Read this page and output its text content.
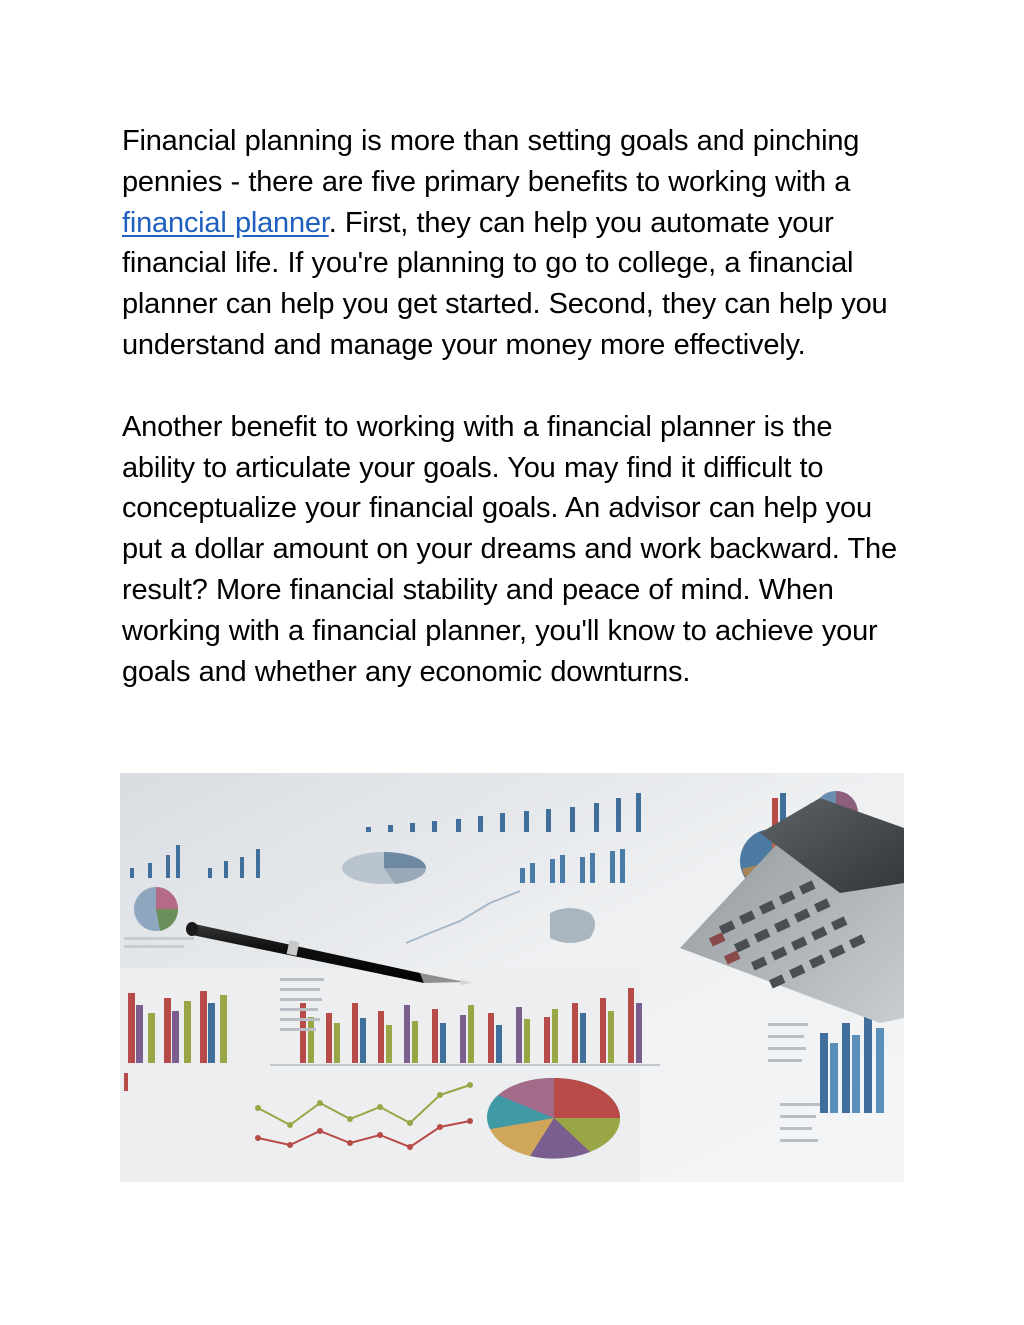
Financial planning is more than setting goals and pinching pennies - there are five primary benefits to working with a financial planner. First, they can help you automate your financial life. If you're planning to go to college, a financial planner can help you get started. Second, they can help you understand and manage your money more effectively.

Another benefit to working with a financial planner is the ability to articulate your goals. You may find it difficult to conceptualize your financial goals. An advisor can help you put a dollar amount on your dreams and work backward. The result? More financial stability and peace of mind. When working with a financial planner, you'll know to achieve your goals and whether any economic downturns.
